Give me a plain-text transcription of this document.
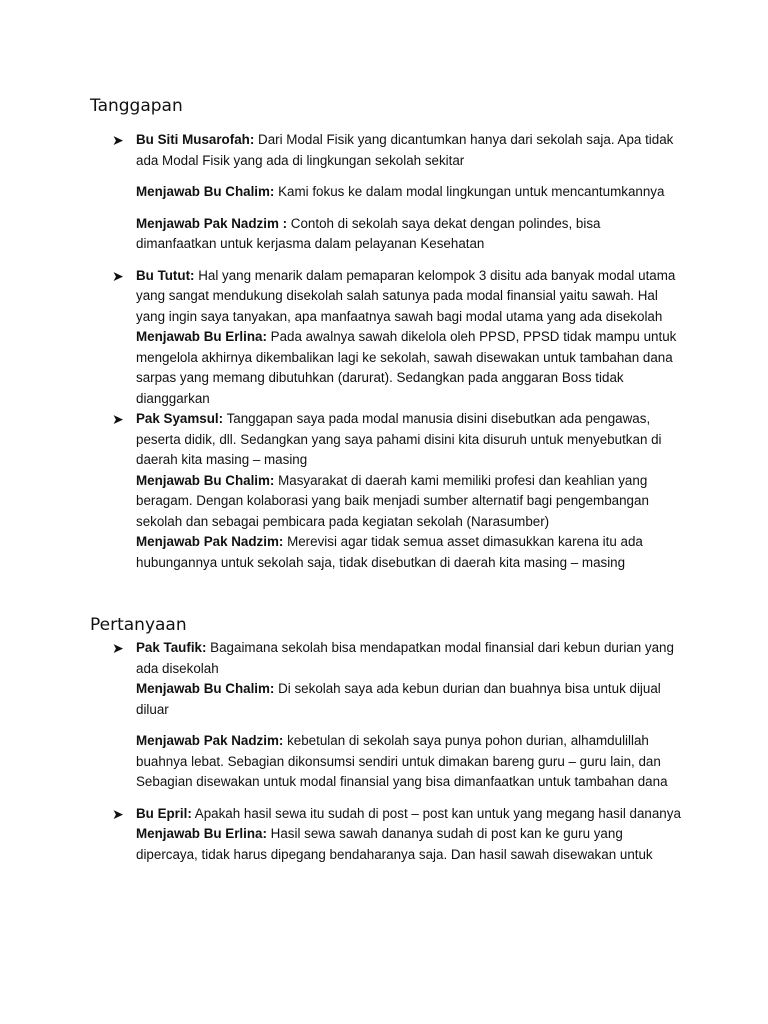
Tanggapan
➤ Bu Siti Musarofah: Dari Modal Fisik yang dicantumkan hanya dari sekolah saja. Apa tidak ada Modal Fisik yang ada di lingkungan sekolah sekitar

Menjawab Bu Chalim: Kami fokus ke dalam modal lingkungan untuk mencantumkannya

Menjawab Pak Nadzim : Contoh di sekolah saya dekat dengan polindes, bisa dimanfaatkan untuk kerjasma dalam pelayanan Kesehatan

➤ Bu Tutut: Hal yang menarik dalam pemaparan kelompok 3 disitu ada banyak modal utama yang sangat mendukung disekolah salah satunya pada modal finansial yaitu sawah. Hal yang ingin saya tanyakan, apa manfaatnya sawah bagi modal utama yang ada disekolah

Menjawab Bu Erlina: Pada awalnya sawah dikelola oleh PPSD, PPSD tidak mampu untuk mengelola akhirnya dikembalikan lagi ke sekolah, sawah disewakan untuk tambahan dana sarpas yang memang dibutuhkan (darurat). Sedangkan pada anggaran Boss tidak dianggarkan

➤ Pak Syamsul: Tanggapan saya pada modal manusia disini disebutkan ada pengawas, peserta didik, dll. Sedangkan yang saya pahami disini kita disuruh untuk menyebutkan di daerah kita masing – masing

Menjawab Bu Chalim: Masyarakat di daerah kami memiliki profesi dan keahlian yang beragam. Dengan kolaborasi yang baik menjadi sumber alternatif bagi pengembangan sekolah dan sebagai pembicara pada kegiatan sekolah (Narasumber)

Menjawab Pak Nadzim: Merevisi agar tidak semua asset dimasukkan karena itu ada hubungannya untuk sekolah saja, tidak disebutkan di daerah kita masing – masing

Pertanyaan
➤ Pak Taufik: Bagaimana sekolah bisa mendapatkan modal finansial dari kebun durian yang ada disekolah

Menjawab Bu Chalim: Di sekolah saya ada kebun durian dan buahnya bisa untuk dijual diluar

Menjawab Pak Nadzim: kebetulan di sekolah saya punya pohon durian, alhamdulillah buahnya lebat. Sebagian dikonsumsi sendiri untuk dimakan bareng guru – guru lain, dan Sebagian disewakan untuk modal finansial yang bisa dimanfaatkan untuk tambahan dana

➤ Bu Epril: Apakah hasil sewa itu sudah di post – post kan untuk yang megang hasil dananya

Menjawab Bu Erlina: Hasil sewa sawah dananya sudah di post kan ke guru yang dipercaya, tidak harus dipegang bendaharanya saja. Dan hasil sawah disewakan untuk
